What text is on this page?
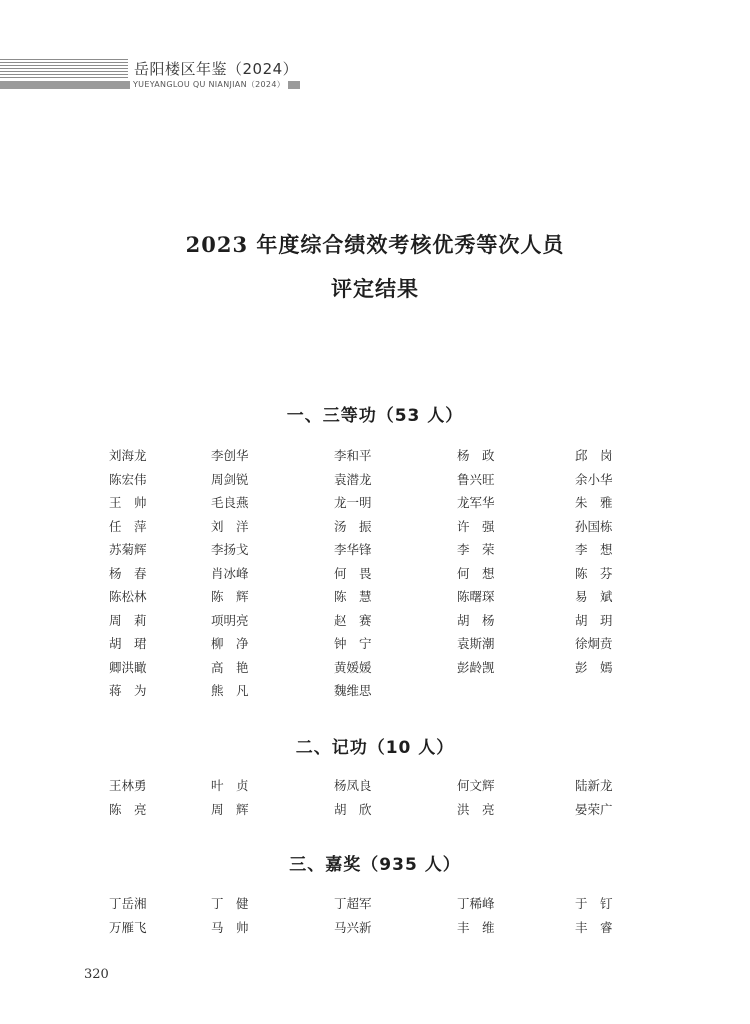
岳阳楼区年鉴（2024）
YUEYANGLOU QU NIANJIAN（2024）
2023 年度综合绩效考核优秀等次人员
评定结果
一、三等功（53 人）
刘海龙	李创华	李和平	杨　政	邱　岗
陈宏伟	周剑锐	袁潜龙	鲁兴旺	余小华
王　帅	毛良燕	龙一明	龙军华	朱　雅
任　萍	刘　洋	汤　振	许　强	孙国栋
苏菊辉	李扬戈	李华锋	李　荣	李　想
杨　春	肖冰峰	何　畏	何　想	陈　芬
陈松林	陈　辉	陈　慧	陈曙琛	易　斌
周　莉	项明亮	赵　赛	胡　杨	胡　玥
胡　珺	柳　净	钟　宁	袁斯潮	徐炯贲
卿洪瞰	高　艳	黄媛媛	彭龄觊	彭　嫣
蒋　为	熊　凡	魏维思
二、记功（10 人）
王林勇	叶　贞	杨凤良	何文辉	陆新龙
陈　亮	周　辉	胡　欣	洪　亮	晏荣广
三、嘉奖（935 人）
丁岳湘	丁　健	丁超军	丁稀峰	于　钉
万雁飞	马　帅	马兴新	丰　维	丰　睿
320
